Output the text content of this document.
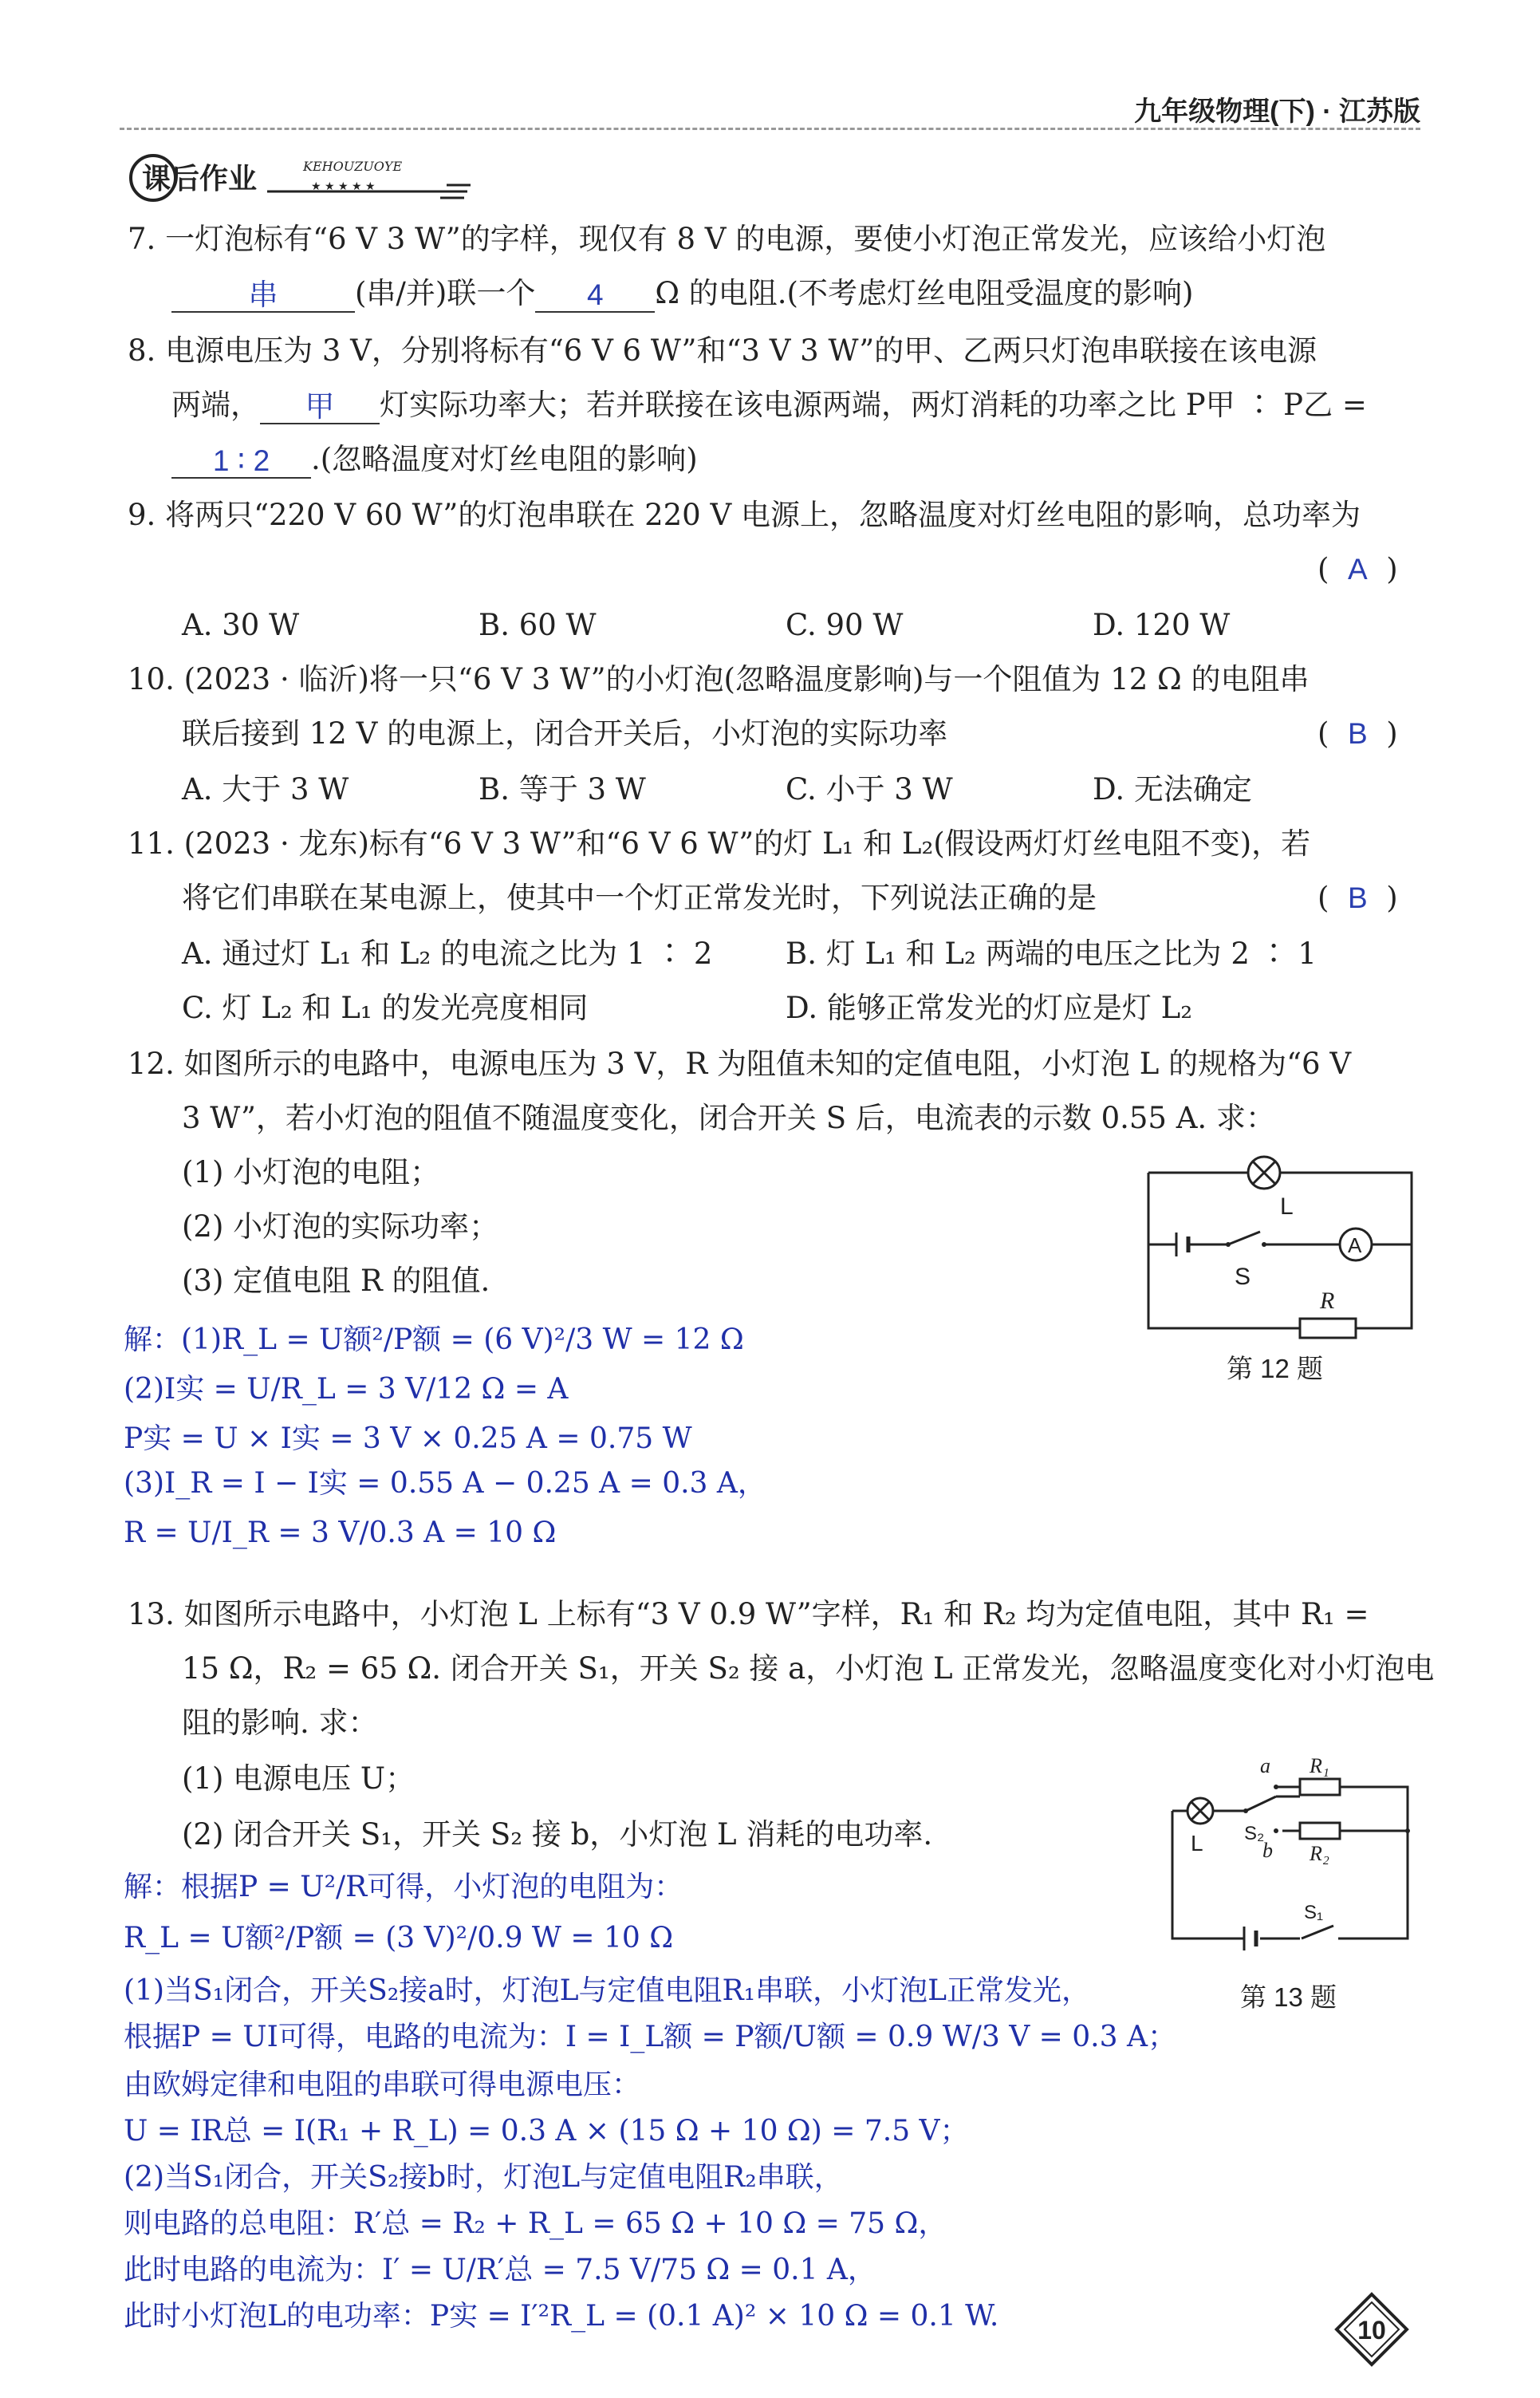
九年级物理(下) · 江苏版
课后作业	KEHOUZUOYE
★ ★ ★ ★ ★
7. 一灯泡标有“6 V 3 W”的字样，现仅有 8 V 的电源，要使小灯泡正常发光，应该给小灯泡
串	(串/并)联一个 4 Ω 的电阻.(不考虑灯丝电阻受温度的影响)
8. 电源电压为 3 V，分别将标有“6 V 6 W”和“3 V 3 W”的甲、乙两只灯泡串联接在该电源
两端， 甲 灯实际功率大；若并联接在该电源两端，两灯消耗的功率之比 P甲 ∶ P乙 =
1 ∶ 2 .(忽略温度对灯丝电阻的影响)
9. 将两只“220 V 60 W”的灯泡串联在 220 V 电源上，忽略温度对灯丝电阻的影响，总功率为
( A )
A. 30 W	B. 60 W	C. 90 W	D. 120 W
10. (2023 · 临沂)将一只“6 V 3 W”的小灯泡(忽略温度影响)与一个阻值为 12 Ω 的电阻串
联后接到 12 V 的电源上，闭合开关后，小灯泡的实际功率	( B )
A. 大于 3 W	B. 等于 3 W	C. 小于 3 W	D. 无法确定
11. (2023 · 龙东)标有“6 V 3 W”和“6 V 6 W”的灯 L₁ 和 L₂(假设两灯灯丝电阻不变)，若
将它们串联在某电源上，使其中一个灯正常发光时，下列说法正确的是	( B )
A. 通过灯 L₁ 和 L₂ 的电流之比为 1 ∶ 2 B. 灯 L₁ 和 L₂ 两端的电压之比为 2 ∶ 1
C. 灯 L₂ 和 L₁ 的发光亮度相同	D. 能够正常发光的灯应是灯 L₂
12. 如图所示的电路中，电源电压为 3 V，R 为阻值未知的定值电阻，小灯泡 L 的规格为“6 V
3 W”，若小灯泡的阻值不随温度变化，闭合开关 S 后，电流表的示数 0.55 A. 求：
(1) 小灯泡的电阻；
(2) 小灯泡的实际功率；
(3) 定值电阻 R 的阻值.
解：(1)R_L = U额²/P额 = (6 V)²/3 W = 12 Ω
(2)I实 = U/R_L = 3 V/12 Ω = A
P实 = U × I实 = 3 V × 0.25 A = 0.75 W
(3)I_R = I − I实 = 0.55 A − 0.25 A = 0.3 A，
R = U/I_R = 3 V/0.3 A = 10 Ω
A
L
S
R
第 12 题
13. 如图所示电路中，小灯泡 L 上标有“3 V 0.9 W”字样，R₁ 和 R₂ 均为定值电阻，其中 R₁ =
15 Ω，R₂ = 65 Ω. 闭合开关 S₁，开关 S₂ 接 a，小灯泡 L 正常发光，忽略温度变化对小灯泡电
阻的影响. 求：
(1) 电源电压 U；
(2) 闭合开关 S₁，开关 S₂ 接 b，小灯泡 L 消耗的电功率.
解：根据P = U²/R可得，小灯泡的电阻为：
R_L = U额²/P额 = (3 V)²/0.9 W = 10 Ω
(1)当S₁闭合，开关S₂接a时，灯泡L与定值电阻R₁串联，小灯泡L正常发光，
根据P = UI可得，电路的电流为：I = I_L额 = P额/U额 = 0.9 W/3 V = 0.3 A；
由欧姆定律和电阻的串联可得电源电压：
U = IR总 = I(R₁ + R_L) = 0.3 A × (15 Ω + 10 Ω) = 7.5 V；
(2)当S₁闭合，开关S₂接b时，灯泡L与定值电阻R₂串联，
则电路的总电阻：R′总 = R₂ + R_L = 65 Ω + 10 Ω = 75 Ω，
此时电路的电流为：I′ = U/R′总 = 7.5 V/75 Ω = 0.1 A，
此时小灯泡L的电功率：P实 = I′²R_L = (0.1 A)² × 10 Ω = 0.1 W.
a R₁
b R₂
L S₂
S₁
第 13 题
10
